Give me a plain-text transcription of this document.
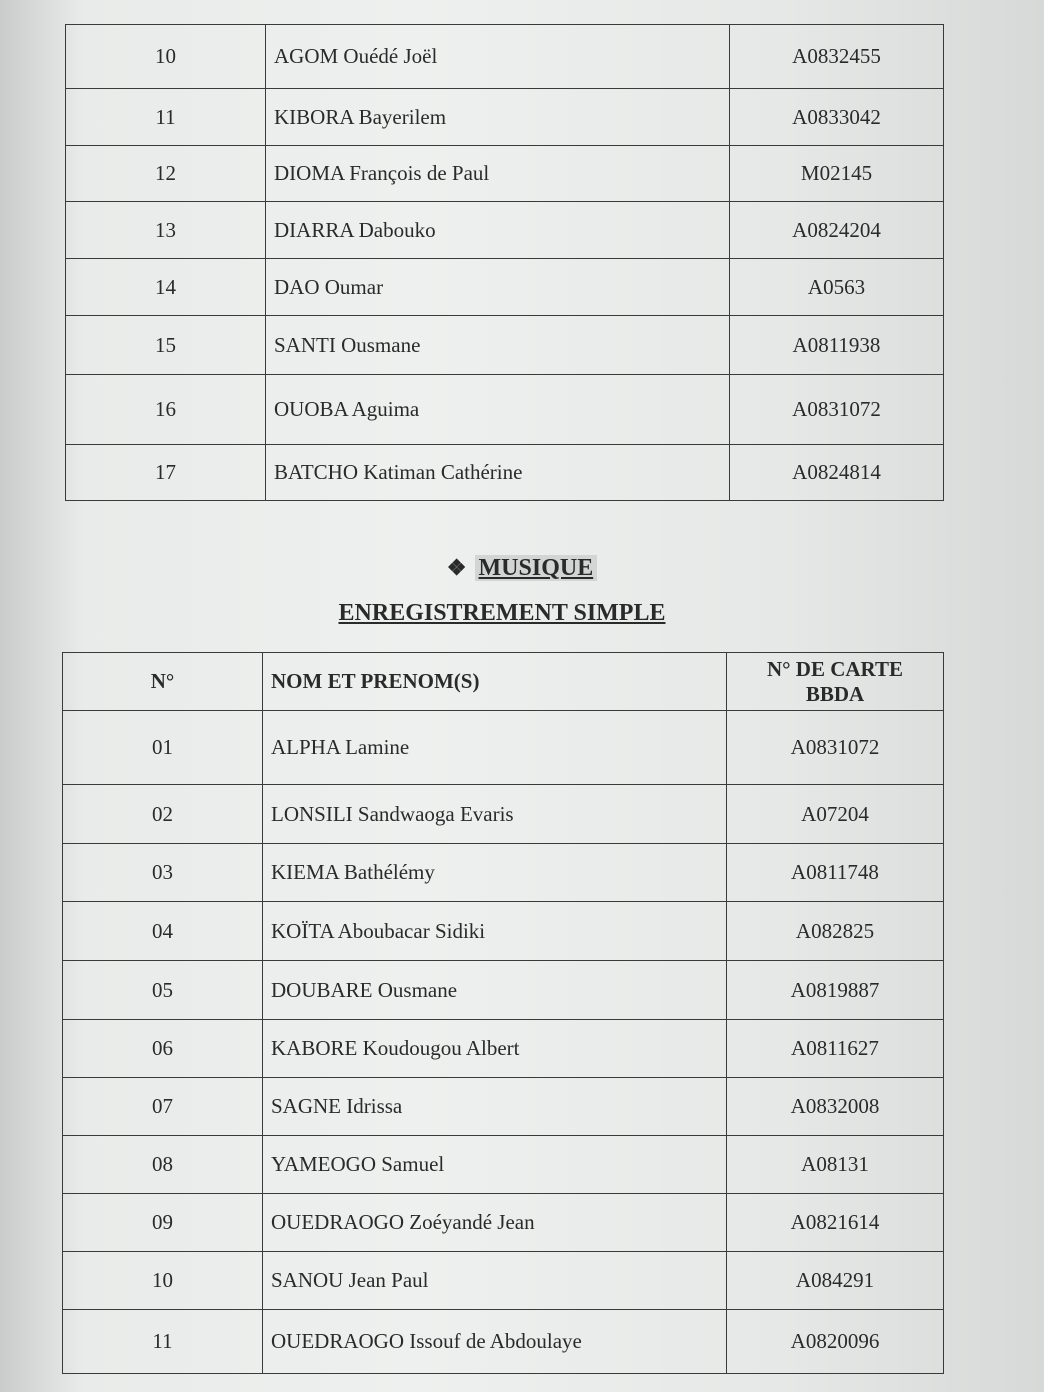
10	AGOM Ouédé Joël	A0832455
11	KIBORA Bayerilem	A0833042
12	DIOMA François de Paul	M02145
13	DIARRA Dabouko	A0824204
14	DAO Oumar	A0563
15	SANTI Ousmane	A0811938
16	OUOBA Aguima	A0831072
17	BATCHO Katiman Cathérine	A0824814
❖ MUSIQUE
ENREGISTREMENT SIMPLE
N°	NOM ET PRENOM(S)	N° DE CARTE
BBDA

01	ALPHA Lamine	A0831072
02	LONSILI Sandwaoga Evaris	A07204
03	KIEMA Bathélémy	A0811748
04	KOÏTA Aboubacar Sidiki	A082825
05	DOUBARE Ousmane	A0819887
06	KABORE Koudougou Albert	A0811627
07	SAGNE Idrissa	A0832008
08	YAMEOGO Samuel	A08131
09	OUEDRAOGO Zoéyandé Jean	A0821614
10	SANOU Jean Paul	A084291
11	OUEDRAOGO Issouf de Abdoulaye	A0820096
